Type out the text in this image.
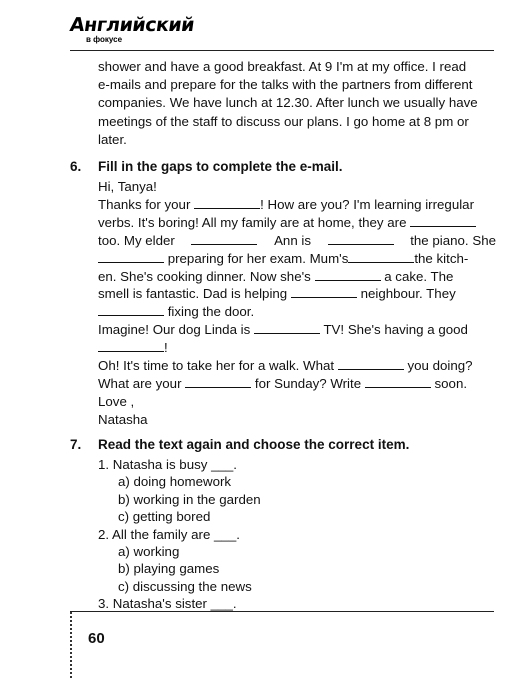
Английский
в фокусе
shower and have a good breakfast. At 9 I'm at my office. I read
e-mails and prepare for the talks with the partners from different
companies. We have lunch at 12.30. After lunch we usually have
meetings of the staff to discuss our plans. I go home at 8 pm or
later.
6. Fill in the gaps to complete the e-mail.
Hi, Tanya!
Thanks for your	! How are you? I'm learning irregular
verbs. It's boring! All my family are at home, they are
too. My elder	Ann is	the piano. She
preparing for her exam. Mum's	the kitch-
en. She's cooking dinner. Now she's	a cake. The
smell is fantastic. Dad is helping	neighbour. They
fixing the door.
Imagine! Our dog Linda is	TV! She's having a good
!
Oh! It's time to take her for a walk. What	you doing?
What are your	for Sunday? Write	soon.
Love ,
Natasha
7. Read the text again and choose the correct item.
1. Natasha is busy ___.
a) doing homework
b) working in the garden
c) getting bored
2. All the family are ___.
a) working
b) playing games
c) discussing the news
3. Natasha's sister ___.
60
